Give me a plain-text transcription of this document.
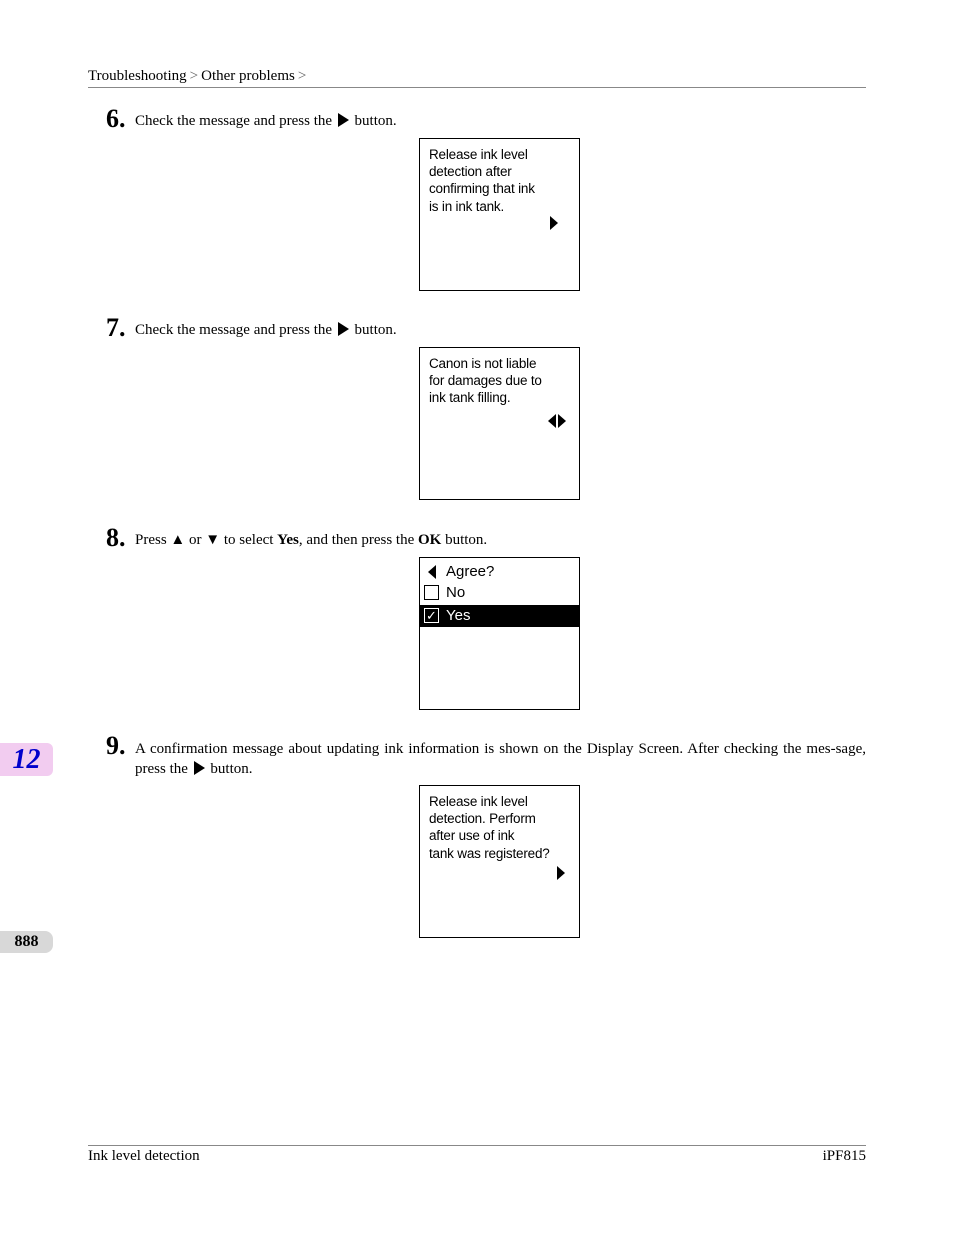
Troubleshooting > Other problems >
6. Check the message and press the button.
Release ink level
detection after
confirming that ink
is in ink tank.
7. Check the message and press the button.
Canon is not liable
for damages due to
ink tank filling.
8. Press ▲ or ▼ to select Yes, and then press the OK button.
Agree?
No
✓ Yes
9. A confirmation message about updating ink information is shown on the Display Screen. After checking the mes-sage, press the button.
Release ink level
detection. Perform
after use of ink
tank was registered?
12
888
Ink level detection	iPF815
